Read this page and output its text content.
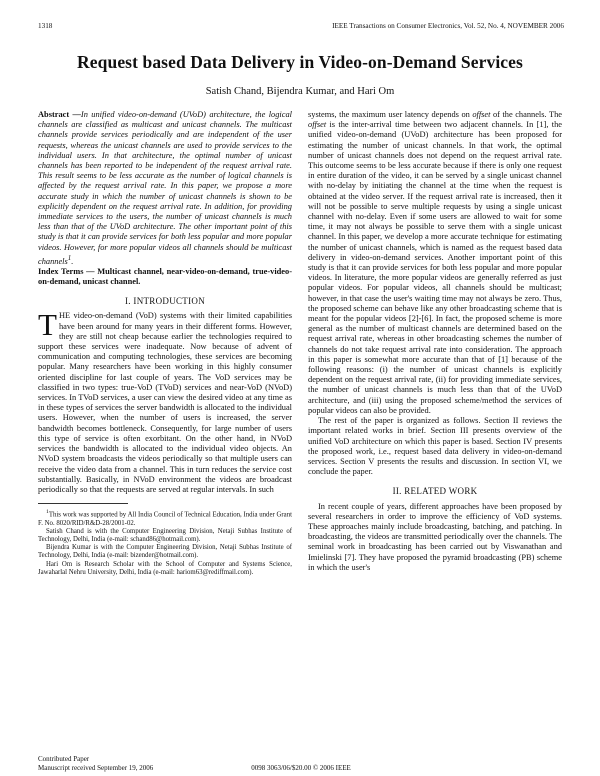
1318	IEEE Transactions on Consumer Electronics, Vol. 52, No. 4, NOVEMBER 2006
Request based Data Delivery in Video-on-Demand Services
Satish Chand, Bijendra Kumar, and Hari Om

Abstract —In unified video-on-demand (UVoD) architecture, the logical channels are classified as multicast and unicast channels. The multicast channels provide services periodically and are independent of the user requests, whereas the unicast channels are used to provide services to the individual users. In that architecture, the optimal number of unicast channels has been reported to be independent of the request arrival rate. This result seems to be less accurate as the number of logical channels is affected by the request arrival rate. In this paper, we propose a more accurate study in which the number of unicast channels is shown to be explicitly dependent on the request arrival rate. In addition, for providing immediate services to the users, the number of unicast channels is much less than that of the UVoD architecture. The other important point of this study is that it can provide services for both less popular and more popular videos. However, for more popular videos all channels should be multicast channels$^1$.

Index Terms — Multicast channel, near-video-on-demand, true-video-on-demand, unicast channel.

I. INTRODUCTION

THE video-on-demand (VoD) systems with their limited capabilities have been around for many years in their different forms. However, they are still not cheap because earlier the technologies required to support these services were inadequate. Now because of advent of communication and computing technologies, these services are becoming popular. Many researchers have been working in this highly consumer oriented discipline for last couple of years. The VoD services may be classified in two types: true-VoD (TVoD) services and near-VoD (NVoD) services. In TVoD services, a user can view the desired video at any time as in these types of services the server bandwidth is allocated to the individual users. However, when the number of users is increased, the server bandwidth becomes bottleneck. Consequently, for large number of users this type of service is often exorbitant. On the other hand, in NVoD services the bandwidth is allocated to the individual video objects. An NVoD system broadcasts the videos periodically so that multiple users can receive the video data from a channel. This in turn reduces the service cost substantially. Basically, in NVoD environment the videos are broadcast periodically so that the requests are served at regular intervals. In such

$^1$This work was supported by All India Council of Technical Education, India under Grant F. No. 8020/RID/R&D-28/2001-02.

Satish Chand is with the Computer Engineering Division, Netaji Subhas Institute of Technology, Delhi, India (e-mail: schand86@hotmail.com).

Bijendra Kumar is with the Computer Engineering Division, Netaji Subhas Institute of Technology, Delhi, India (e-mail: bizender@hotmail.com).

Hari Om is Research Scholar with the School of Computer and Systems Science, Jawaharlal Nehru University, Delhi, India (e-mail: hariom63@rediffmail.com).

systems, the maximum user latency depends on offset of the channels. The offset is the inter-arrival time between two adjacent channels. In [1], the unified video-on-demand (UVoD) architecture has been proposed for estimating the number of unicast channels. In that work, the optimal number of unicast channels does not depend on the request arrival rate. This outcome seems to be less accurate because if there is only one request in entire duration of the video, it can be served by a single unicast channel with no-delay by initiating the channel at the time when the request is obtained at the video server. If the request arrival rate is increased, then it will not be possible to serve multiple requests by using a single unicast channel with no-delay. Even if some users are allowed to wait for some time, it may not always be possible to serve them with a single unicast channel. In this paper, we develop a more accurate technique for estimating the number of unicast channels, which is named as the request based data delivery in video-on-demand services. Another important point of this study is that it can provide services for both less popular and more popular videos. In literature, the more popular videos are generally referred as just popular videos. For popular videos, all channels should be multicast; however, in that case the user's waiting time may not always be zero. Thus, the proposed scheme can behave like any other broadcasting scheme that is meant for the popular videos [2]-[6]. In fact, the proposed scheme is more general as the number of multicast channels are determined based on the request arrival rate, whereas in other broadcasting schemes the number of channels do not take request arrival rate into consideration. The approach in this paper is somewhat more accurate than that of [1] because of the following reasons: (i) the number of unicast channels is explicitly dependent on the request arrival rate, (ii) for providing immediate services, the number of unicast channels is much less than that of the UVoD architecture, and (iii) using the proposed scheme/method the services of popular videos can also be provided.

The rest of the paper is organized as follows. Section II reviews the important related works in brief. Section III presents overview of the unified VoD architecture on which this paper is based. Section IV presents the proposed work, i.e., request based data delivery in video-on-demand services. Section V presents the results and discussion. In section VI, we conclude the paper.

II. RELATED WORK

In recent couple of years, different approaches have been proposed by several researchers in order to improve the efficiency of VoD systems. These approaches mainly include broadcasting, batching, and patching. In broadcasting, the videos are transmitted periodically over the channels. The seminal work in broadcasting has been carried out by Viswanathan and Imielinski [7]. They have proposed the pyramid broadcasting (PB) scheme in which the user's

Contributed Paper
Manuscript received September 19, 2006	0098 3063/06/$20.00 © 2006 IEEE
